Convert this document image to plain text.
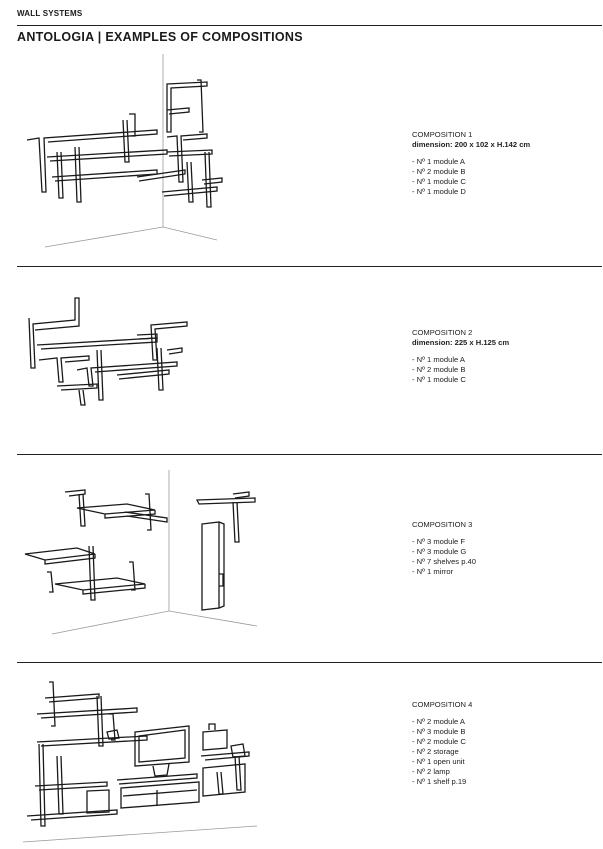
WALL SYSTEMS
ANTOLOGIA | EXAMPLES OF COMPOSITIONS
COMPOSITION 1
dimension: 200 x 102 x H.142 cm
- Nº 1 module A
- Nº 2 module B
- Nº 1 module C
- Nº 1 module D
COMPOSITION 2
dimension: 225 x H.125 cm
- Nº 1 module A
- Nº 2 module B
- Nº 1 module C
COMPOSITION 3
- Nº 3 module F
- Nº 3 module G
- Nº 7 shelves p.40
- Nº 1 mirror
COMPOSITION 4
- Nº 2 module A
- Nº 3 module B
- Nº 2 module C
- Nº 2 storage
- Nº 1 open unit
- Nº 2 lamp
- Nº 1 shelf p.19
